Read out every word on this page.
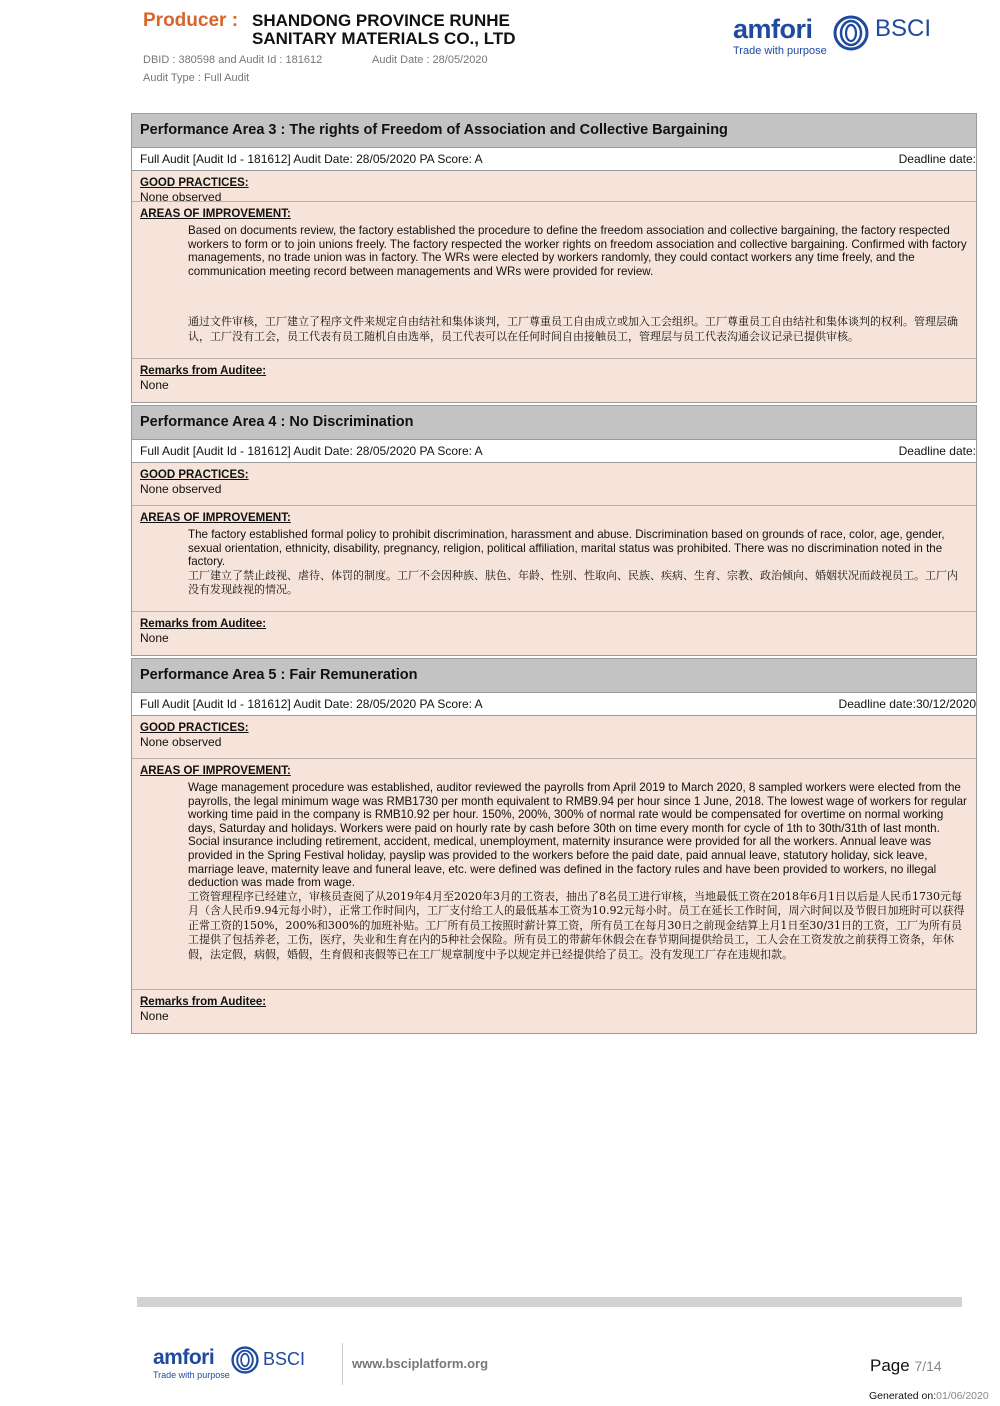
Producer : SHANDONG PROVINCE RUNHE
SANITARY MATERIALS CO., LTD
DBID : 380598 and Audit Id : 181612	Audit Date : 28/05/2020
Audit Type : Full Audit
amfori
Trade with purpose
BSCI
Performance Area 3 : The rights of Freedom of Association and Collective Bargaining
Full Audit [Audit Id - 181612] Audit Date: 28/05/2020 PA Score: A	Deadline date:
GOOD PRACTICES:
None observed
AREAS OF IMPROVEMENT:
Based on documents review, the factory established the procedure to define the freedom association and collective bargaining, the factory respected workers to form or to join unions freely. The factory respected the worker rights on freedom association and collective bargaining. Confirmed with factory managements, no trade union was in factory. The WRs were elected by workers randomly, they could contact workers any time freely, and the communication meeting record between managements and WRs were provided for review.
通过文件审核，工厂建立了程序文件来规定自由结社和集体谈判，工厂尊重员工自由成立或加入工会组织。工厂尊重员工自由结社和集体谈判的权利。管理层确认，工厂没有工会，员工代表有员工随机自由选举，员工代表可以在任何时间自由接触员工，管理层与员工代表沟通会议记录已提供审核。
Remarks from Auditee:
None
Performance Area 4 : No Discrimination
Full Audit [Audit Id - 181612] Audit Date: 28/05/2020 PA Score: A	Deadline date:
GOOD PRACTICES:
None observed
AREAS OF IMPROVEMENT:
The factory established formal policy to prohibit discrimination, harassment and abuse. Discrimination based on grounds of race, color, age, gender, sexual orientation, ethnicity, disability, pregnancy, religion, political affiliation, marital status was prohibited. There was no discrimination noted in the factory.
工厂建立了禁止歧视、虐待、体罚的制度。工厂不会因种族、肤色、年龄、性别、性取向、民族、疾病、生育、宗教、政治倾向、婚姻状况而歧视员工。工厂内没有发现歧视的情况。
Remarks from Auditee:
None
Performance Area 5 : Fair Remuneration
Full Audit [Audit Id - 181612] Audit Date: 28/05/2020 PA Score: A	Deadline date:30/12/2020
GOOD PRACTICES:
None observed
AREAS OF IMPROVEMENT:
Wage management procedure was established, auditor reviewed the payrolls from April 2019 to March 2020, 8 sampled workers were elected from the payrolls, the legal minimum wage was RMB1730 per month equivalent to RMB9.94 per hour since 1 June, 2018. The lowest wage of workers for regular working time paid in the company is RMB10.92 per hour. 150%, 200%, 300% of normal rate would be compensated for overtime on normal working days, Saturday and holidays. Workers were paid on hourly rate by cash before 30th on time every month for cycle of 1th to 30th/31th of last month. Social insurance including retirement, accident, medical, unemployment, maternity insurance were provided for all the workers. Annual leave was provided in the Spring Festival holiday, payslip was provided to the workers before the paid date, paid annual leave, statutory holiday, sick leave, marriage leave, maternity leave and funeral leave, etc. were defined was defined in the factory rules and have been provided to workers, no illegal deduction was made from wage.
工资管理程序已经建立，审核员查阅了从2019年4月至2020年3月的工资表，抽出了8名员工进行审核，当地最低工资在2018年6月1日以后是人民币1730元每月（含人民币9.94元每小时），正常工作时间内，工厂支付给工人的最低基本工资为10.92元每小时。员工在延长工作时间，周六时间以及节假日加班时可以获得正常工资的150%，200%和300%的加班补贴。工厂所有员工按照时薪计算工资，所有员工在每月30日之前现金结算上月1日至30/31日的工资，工厂为所有员工提供了包括养老，工伤，医疗，失业和生育在内的5种社会保险。所有员工的带薪年休假会在春节期间提供给员工，工人会在工资发放之前获得工资条，年休假，法定假，病假，婚假，生育假和丧假等已在工厂规章制度中予以规定并已经提供给了员工。没有发现工厂存在违规扣款。
Remarks from Auditee:
None
amfori
Trade with purpose
BSCI	www.bsciplatform.org	Page 7/14
Generated on:01/06/2020
